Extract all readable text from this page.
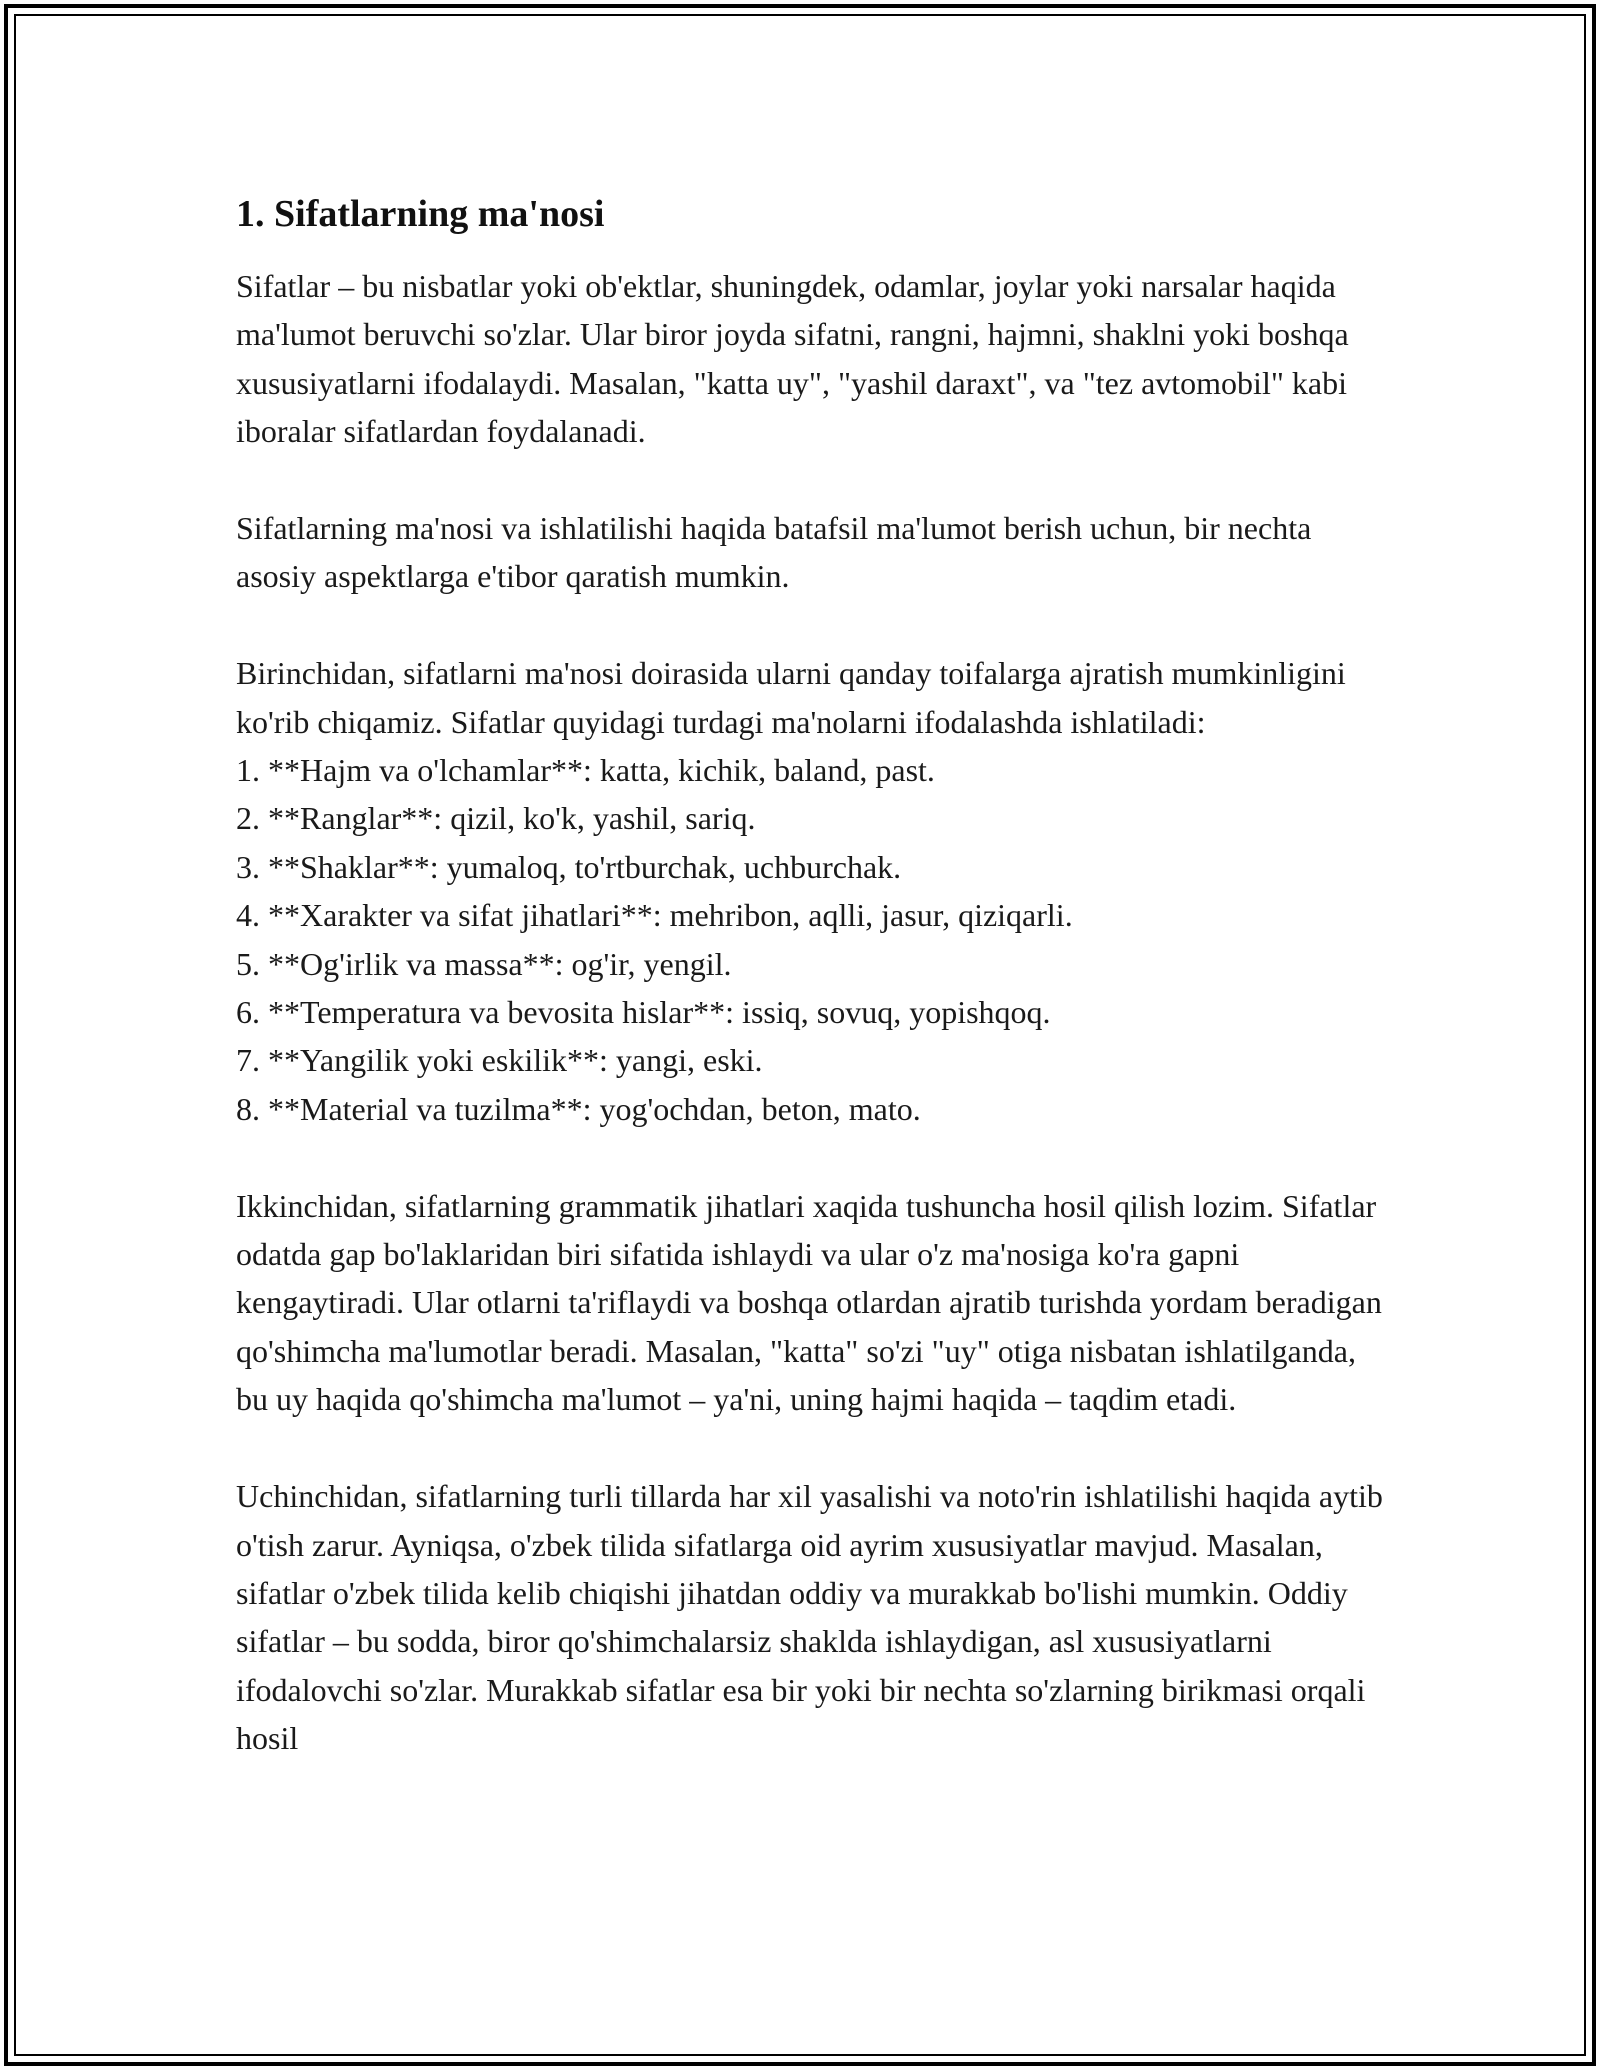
1. Sifatlarning ma'nosi

Sifatlar – bu nisbatlar yoki ob'ektlar, shuningdek, odamlar, joylar yoki narsalar haqida ma'lumot beruvchi so'zlar. Ular biror joyda sifatni, rangni, hajmni, shaklni yoki boshqa xususiyatlarni ifodalaydi. Masalan, "katta uy", "yashil daraxt", va "tez avtomobil" kabi iboralar sifatlardan foydalanadi.

Sifatlarning ma'nosi va ishlatilishi haqida batafsil ma'lumot berish uchun, bir nechta asosiy aspektlarga e'tibor qaratish mumkin.

Birinchidan, sifatlarni ma'nosi doirasida ularni qanday toifalarga ajratish mumkinligini ko'rib chiqamiz. Sifatlar quyidagi turdagi ma'nolarni ifodalashda ishlatiladi:

1. **Hajm va o'lchamlar**: katta, kichik, baland, past.
2. **Ranglar**: qizil, ko'k, yashil, sariq.
3. **Shaklar**: yumaloq, to'rtburchak, uchburchak.
4. **Xarakter va sifat jihatlari**: mehribon, aqlli, jasur, qiziqarli.
5. **Og'irlik va massa**: og'ir, yengil.
6. **Temperatura va bevosita hislar**: issiq, sovuq, yopishqoq.
7. **Yangilik yoki eskilik**: yangi, eski.
8. **Material va tuzilma**: yog'ochdan, beton, mato.

Ikkinchidan, sifatlarning grammatik jihatlari xaqida tushuncha hosil qilish lozim. Sifatlar odatda gap bo'laklaridan biri sifatida ishlaydi va ular o'z ma'nosiga ko'ra gapni kengaytiradi. Ular otlarni ta'riflaydi va boshqa otlardan ajratib turishda yordam beradigan qo'shimcha ma'lumotlar beradi. Masalan, "katta" so'zi "uy" otiga nisbatan ishlatilganda, bu uy haqida qo'shimcha ma'lumot – ya'ni, uning hajmi haqida – taqdim etadi.

Uchinchidan, sifatlarning turli tillarda har xil yasalishi va noto'rin ishlatilishi haqida aytib o'tish zarur. Ayniqsa, o'zbek tilida sifatlarga oid ayrim xususiyatlar mavjud. Masalan, sifatlar o'zbek tilida kelib chiqishi jihatdan oddiy va murakkab bo'lishi mumkin. Oddiy sifatlar – bu sodda, biror qo'shimchalarsiz shaklda ishlaydigan, asl xususiyatlarni ifodalovchi so'zlar. Murakkab sifatlar esa bir yoki bir nechta so'zlarning birikmasi orqali hosil
